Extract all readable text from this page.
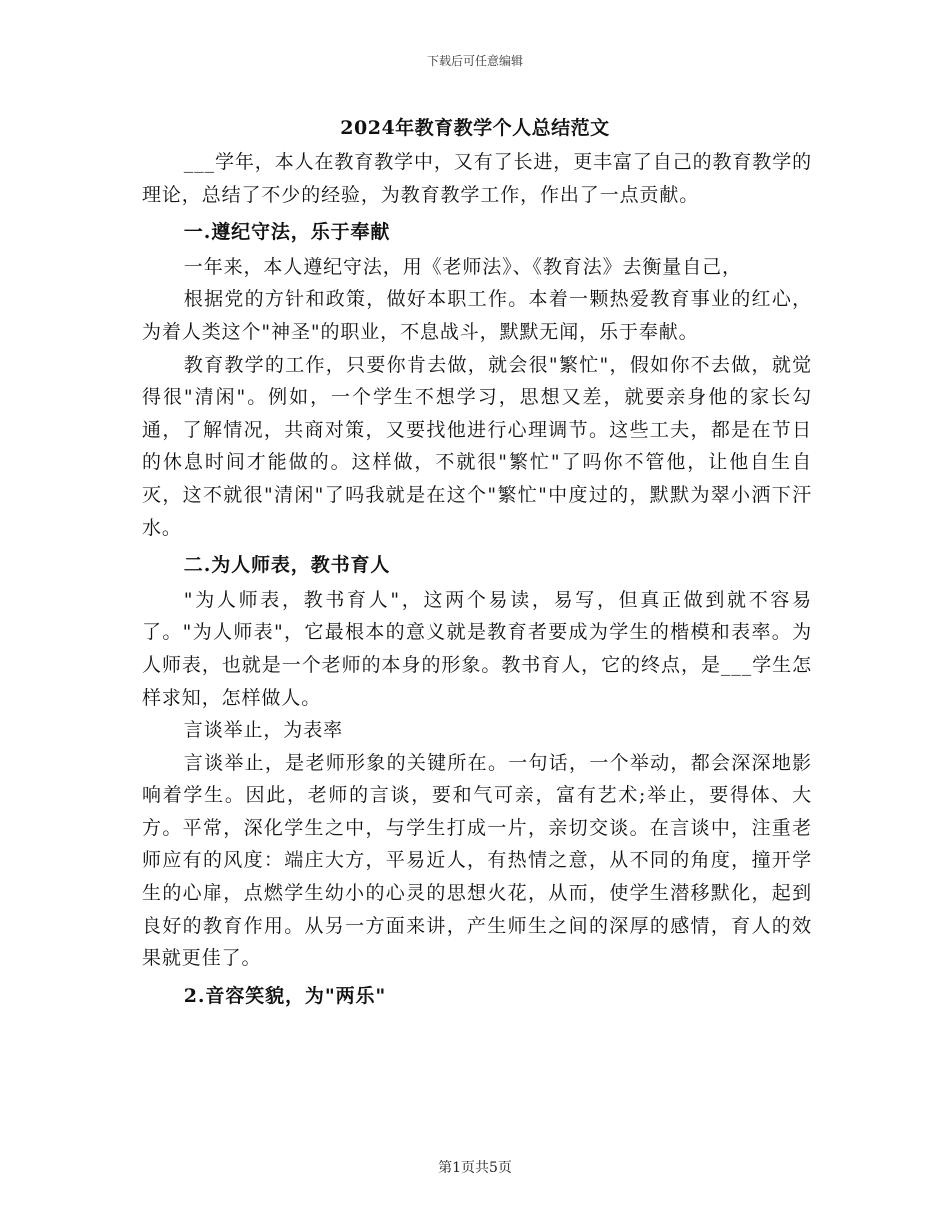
下载后可任意编辑
2024年教育教学个人总结范文

___学年，本人在教育教学中，又有了长进，更丰富了自己的教育教学的理论，总结了不少的经验，为教育教学工作，作出了一点贡献。

一.遵纪守法，乐于奉献

一年来，本人遵纪守法，用《老师法》、《教育法》去衡量自己，

根据党的方针和政策，做好本职工作。本着一颗热爱教育事业的红心，为着人类这个"神圣"的职业，不息战斗，默默无闻，乐于奉献。

教育教学的工作，只要你肯去做，就会很"繁忙"，假如你不去做，就觉得很"清闲"。例如，一个学生不想学习，思想又差，就要亲身他的家长勾通，了解情况，共商对策，又要找他进行心理调节。这些工夫，都是在节日的休息时间才能做的。这样做，不就很"繁忙"了吗你不管他，让他自生自灭，这不就很"清闲"了吗我就是在这个"繁忙"中度过的，默默为翠小洒下汗水。

二.为人师表，教书育人

"为人师表，教书育人"，这两个易读，易写，但真正做到就不容易了。"为人师表"，它最根本的意义就是教育者要成为学生的楷模和表率。为人师表，也就是一个老师的本身的形象。教书育人，它的终点，是___学生怎样求知，怎样做人。

言谈举止，为表率

言谈举止，是老师形象的关键所在。一句话，一个举动，都会深深地影响着学生。因此，老师的言谈，要和气可亲，富有艺术;举止，要得体、大方。平常，深化学生之中，与学生打成一片，亲切交谈。在言谈中，注重老师应有的风度：端庄大方，平易近人，有热情之意，从不同的角度，撞开学生的心扉，点燃学生幼小的心灵的思想火花，从而，使学生潜移默化，起到良好的教育作用。从另一方面来讲，产生师生之间的深厚的感情，育人的效果就更佳了。

2.音容笑貌，为"两乐"

第1页共5页
